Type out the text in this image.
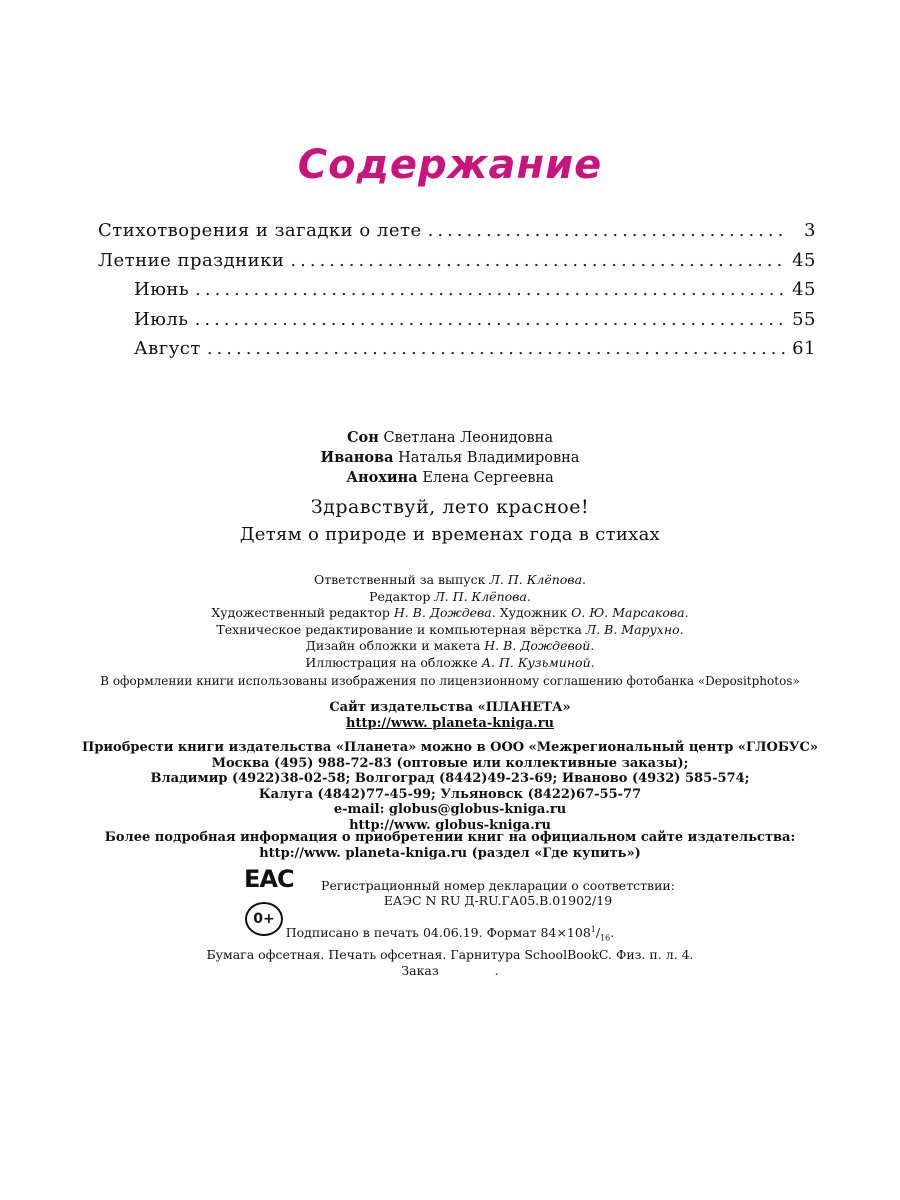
Содержание
Стихотворения и загадки о лете .....	3
Летние праздники .....	45
Июнь .....	45
Июль .....	55
Август .....	61
Сон Светлана Леонидовна
Иванова Наталья Владимировна
Анохина Елена Сергеевна
Здравствуй, лето красное!
Детям о природе и временах года в стихах
Ответственный за выпуск Л. П. Клёпова.
Редактор Л. П. Клёпова.
Художественный редактор Н. В. Дождева. Художник О. Ю. Марсакова.
Техническое редактирование и компьютерная вёрстка Л. В. Марухно.
Дизайн обложки и макета Н. В. Дождевой.
Иллюстрация на обложке А. П. Кузьминой.
В оформлении книги использованы изображения по лицензионному соглашению фотобанка «Depositphotos»
Сайт издательства «ПЛАНЕТА»
http://www. planeta-kniga.ru
Приобрести книги издательства «Планета» можно в ООО «Межрегиональный центр «ГЛОБУС»
Москва (495) 988-72-83 (оптовые или коллективные заказы);
Владимир (4922)38-02-58; Волгоград (8442)49-23-69; Иваново (4932) 585-574;
Калуга (4842)77-45-99; Ульяновск (8422)67-55-77
e-mail: globus@globus-kniga.ru
http://www. globus-kniga.ru
Более подробная информация о приобретении книг на официальном сайте издательства:
http://www. planeta-kniga.ru (раздел «Где купить»)
ЕАС
0+
Регистрационный номер декларации о соответствии:
ЕАЭС N RU Д-RU.ГА05.В.01902/19
Подписано в печать 04.06.19. Формат $84\times 108^1/_{16}$.
Бумага офсетная. Печать офсетная. Гарнитура SchoolBookC. Физ. п. л. 4.
Заказ	.
